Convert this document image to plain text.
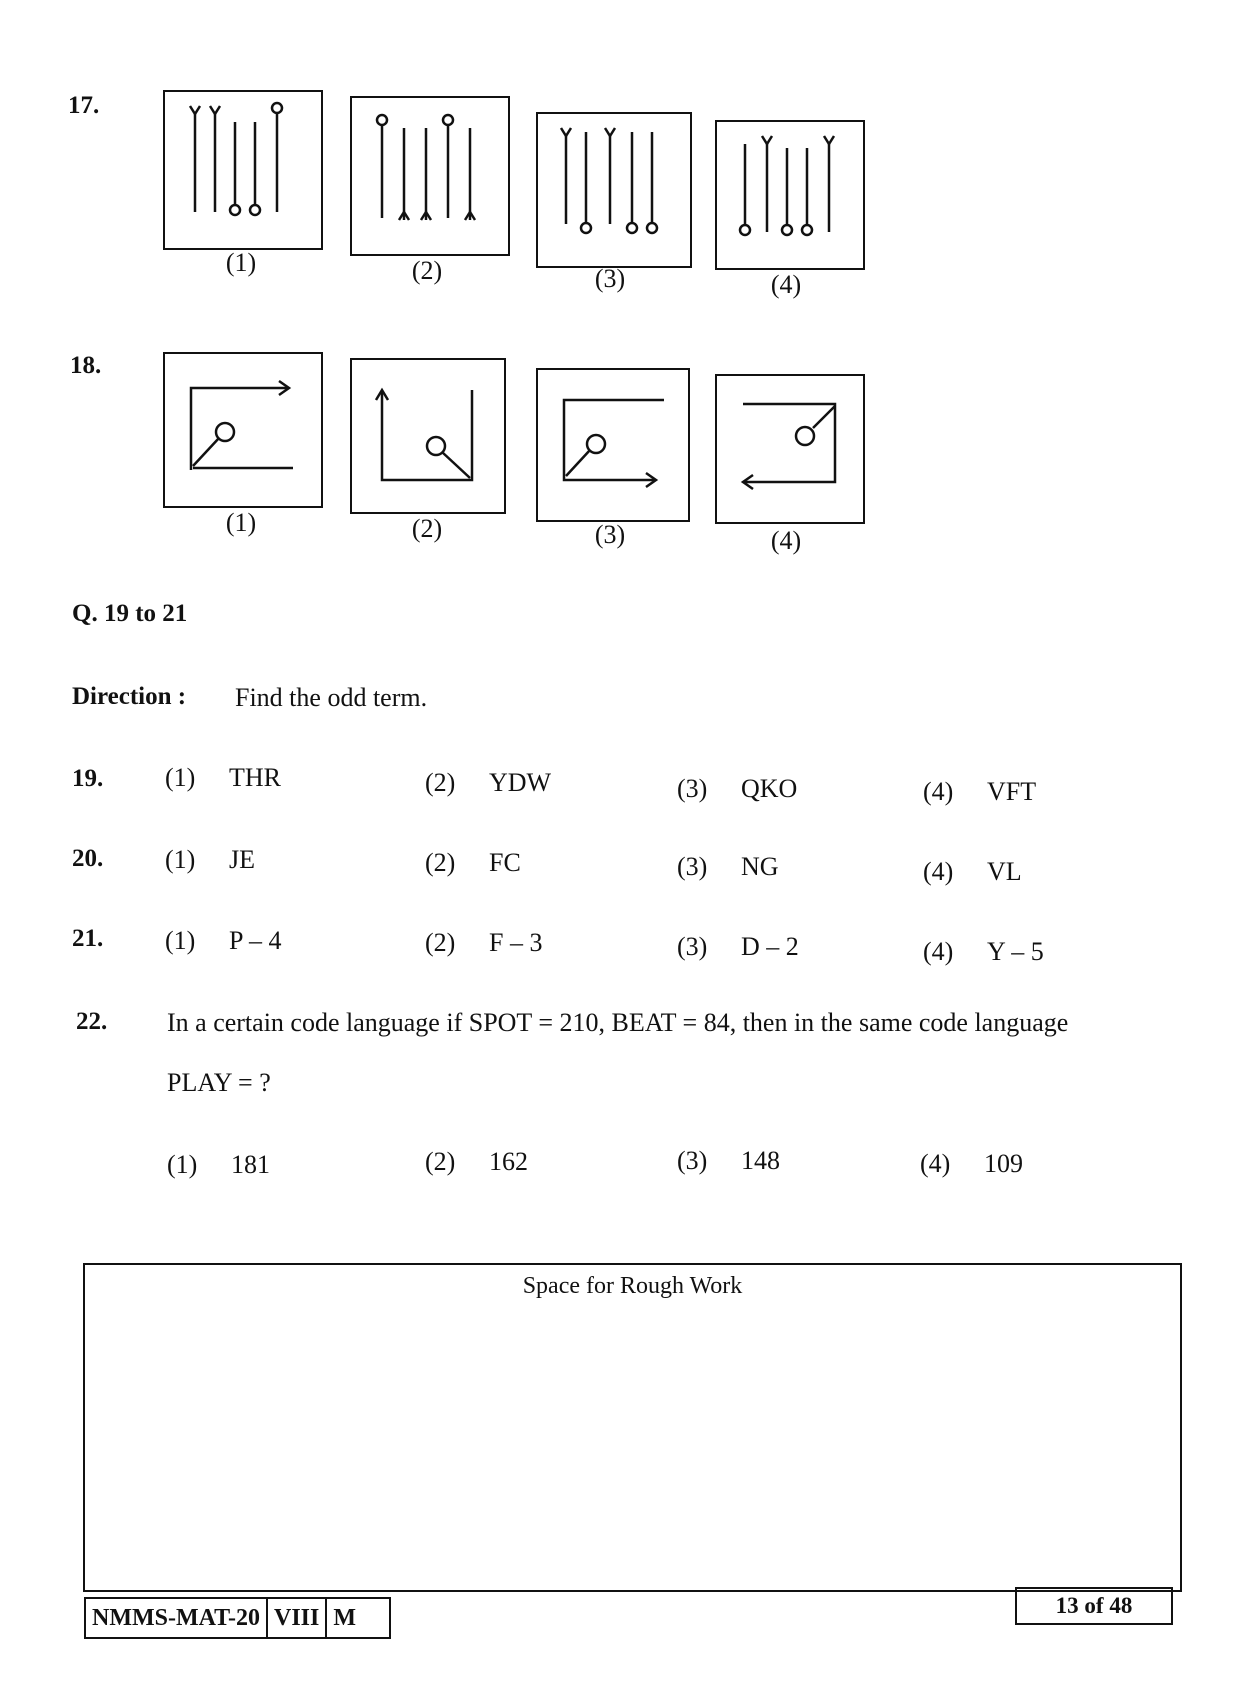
17.
(1)	(2)	(3)	(4)
18.
(1)	(2)	(3)	(4)
Q. 19 to 21
Direction : Find the odd term.
19. (1) THR	(2) YDW	(3) QKO	(4) VFT
20. (1) JE	(2) FC	(3) NG	(4) VL
21. (1) P – 4	(2) F – 3	(3) D – 2	(4) Y – 5
22. In a certain code language if SPOT = 210, BEAT = 84, then in the same code language
PLAY = ?
(1) 181	(2) 162	(3) 148	(4) 109
Space for Rough Work
NMMS-MAT-20 VIII M	13 of 48
